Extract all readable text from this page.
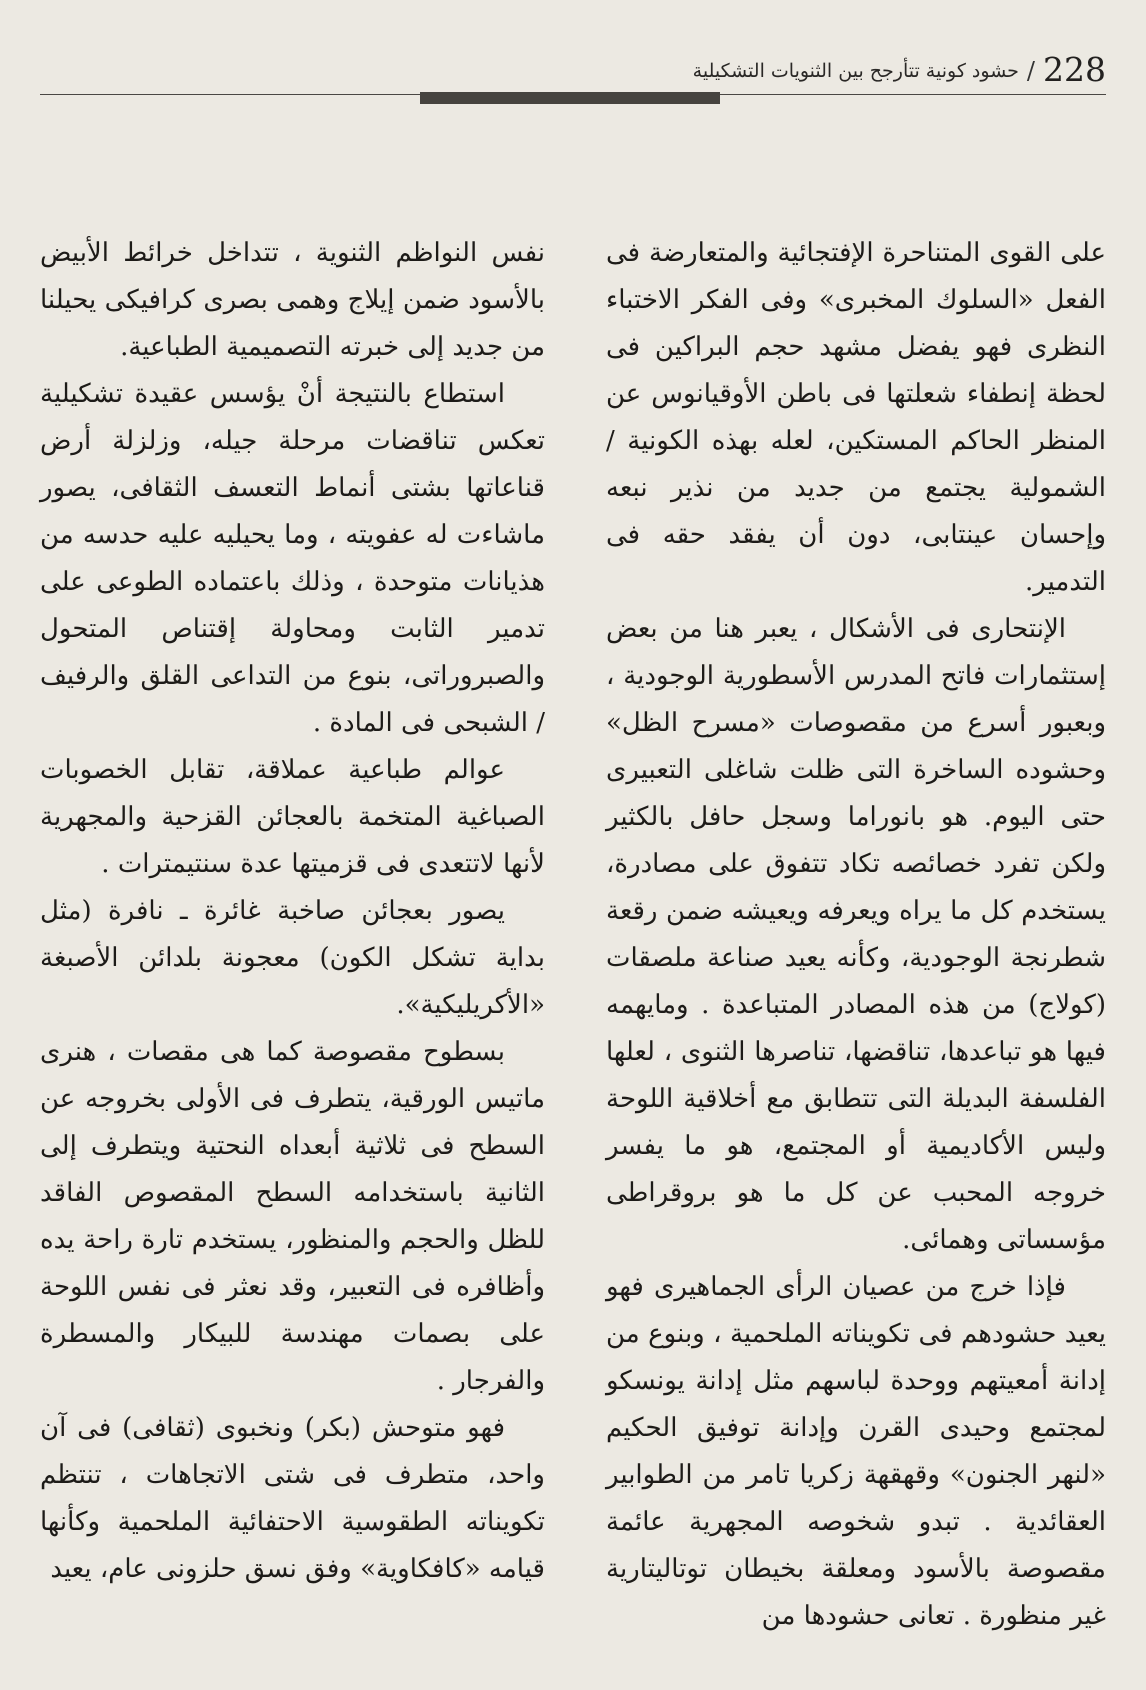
228
/
حشود كونية تتأرجح بين الثنويات التشكيلية

على القوى المتناحرة الإفتجائية والمتعارضة فى الفعل «السلوك المخبرى» وفى الفكر الاختباء النظرى فهو يفضل مشهد حجم البراكين فى لحظة إنطفاء شعلتها فى باطن الأوقيانوس عن المنظر الحاكم المستكين، لعله بهذه الكونية / الشمولية يجتمع من جديد من نذير نبعه وإحسان عينتابى، دون أن يفقد حقه فى التدمير.

الإنتحارى فى الأشكال ، يعبر هنا من بعض إستثمارات فاتح المدرس الأسطورية الوجودية ، وبعبور أسرع من مقصوصات «مسرح الظل» وحشوده الساخرة التى ظلت شاغلى التعبيرى حتى اليوم. هو بانوراما وسجل حافل بالكثير ولكن تفرد خصائصه تكاد تتفوق على مصادرة، يستخدم كل ما يراه ويعرفه ويعيشه ضمن رقعة شطرنجة الوجودية، وكأنه يعيد صناعة ملصقات (كولاج) من هذه المصادر المتباعدة . ومايهمه فيها هو تباعدها، تناقضها، تناصرها الثنوى ، لعلها الفلسفة البديلة التى تتطابق مع أخلاقية اللوحة وليس الأكاديمية أو المجتمع، هو ما يفسر خروجه المحبب عن كل ما هو بروقراطى مؤسساتى وهمائى.

فإذا خرج من عصيان الرأى الجماهيرى فهو يعيد حشودهم فى تكويناته الملحمية ، وبنوع من إدانة أمعيتهم ووحدة لباسهم مثل إدانة يونسكو لمجتمع وحيدى القرن وإدانة توفيق الحكيم «لنهر الجنون» وقهقهة زكريا تامر من الطوابير العقائدية . تبدو شخوصه المجهرية عائمة مقصوصة بالأسود ومعلقة بخيطان توتاليتارية غير منظورة . تعانى حشودها من

نفس النواظم الثنوية ، تتداخل خرائط الأبيض بالأسود ضمن إيلاج وهمى بصرى كرافيكى يحيلنا من جديد إلى خبرته التصميمية الطباعية.

استطاع بالنتيجة أنْ يؤسس عقيدة تشكيلية تعكس تناقضات مرحلة جيله، وزلزلة أرض قناعاتها بشتى أنماط التعسف الثقافى، يصور ماشاءت له عفويته ، وما يحيليه عليه حدسه من هذيانات متوحدة ، وذلك باعتماده الطوعى على تدمير الثابت ومحاولة إقتناص المتحول والصبروراتى، بنوع من التداعى القلق والرفيف / الشبحى فى المادة .

عوالم طباعية عملاقة، تقابل الخصوبات الصباغية المتخمة بالعجائن القزحية والمجهرية لأنها لاتتعدى فى قزميتها عدة سنتيمترات .

يصور بعجائن صاخبة غائرة ـ نافرة (مثل بداية تشكل الكون) معجونة بلدائن الأصبغة «الأكريليكية».

بسطوح مقصوصة كما هى مقصات ، هنرى ماتيس الورقية، يتطرف فى الأولى بخروجه عن السطح فى ثلاثية أبعداه النحتية ويتطرف إلى الثانية باستخدامه السطح المقصوص الفاقد للظل والحجم والمنظور، يستخدم تارة راحة يده وأظافره فى التعبير، وقد نعثر فى نفس اللوحة على بصمات مهندسة للبيكار والمسطرة والفرجار .

فهو متوحش (بكر) ونخبوى (ثقافى) فى آن واحد، متطرف فى شتى الاتجاهات ، تنتظم تكويناته الطقوسية الاحتفائية الملحمية وكأنها قيامه «كافكاوية» وفق نسق حلزونى عام، يعيد
